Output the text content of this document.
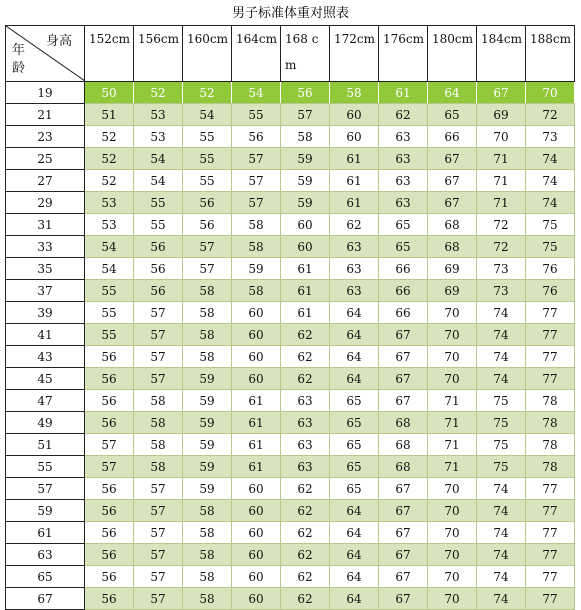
男子标准体重对照表
身高
年
龄	152cm	156cm	160cm	164cm	168 cm	172cm	176cm	180cm	184cm	188cm
19	50	52	52	54	56	58	61	64	67	70
21	51	53	54	55	57	60	62	65	69	72
23	52	53	55	56	58	60	63	66	70	73
25	52	54	55	57	59	61	63	67	71	74
27	52	54	55	57	59	61	63	67	71	74
29	53	55	56	57	59	61	63	67	71	74
31	53	55	56	58	60	62	65	68	72	75
33	54	56	57	58	60	63	65	68	72	75
35	54	56	57	59	61	63	66	69	73	76
37	55	56	58	58	61	63	66	69	73	76
39	55	57	58	60	61	64	66	70	74	77
41	55	57	58	60	62	64	67	70	74	77
43	56	57	58	60	62	64	67	70	74	77
45	56	57	59	60	62	64	67	70	74	77
47	56	58	59	61	63	65	67	71	75	78
49	56	58	59	61	63	65	68	71	75	78
51	57	58	59	61	63	65	68	71	75	78
55	57	58	59	61	63	65	68	71	75	78
57	56	57	59	60	62	65	67	70	74	77
59	56	57	58	60	62	64	67	70	74	77
61	56	57	58	60	62	64	67	70	74	77
63	56	57	58	60	62	64	67	70	74	77
65	56	57	58	60	62	64	67	70	74	77
67	56	57	58	60	62	64	67	70	74	77
